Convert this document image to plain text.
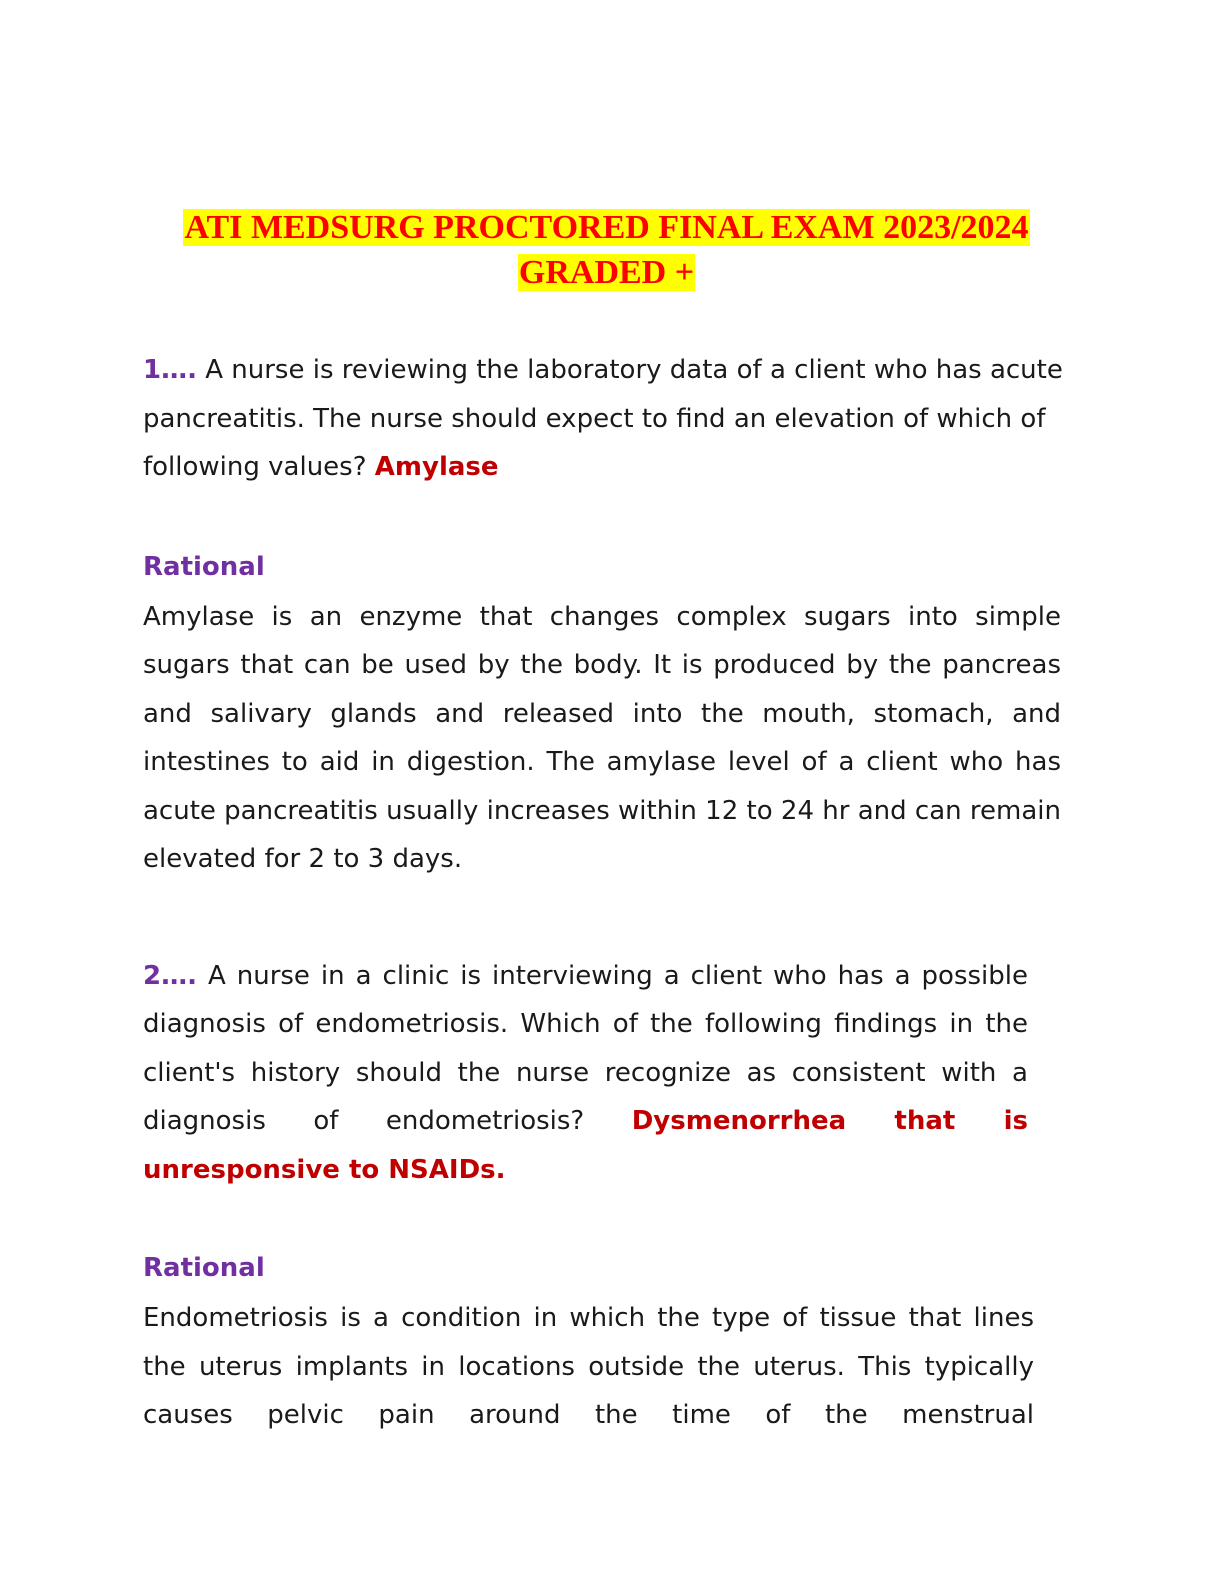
ATI MEDSURG PROCTORED FINAL EXAM 2023/2024
GRADED +

1…. A nurse is reviewing the laboratory data of a client who has acute pancreatitis. The nurse should expect to find an elevation of which of following values? Amylase

Rational
Amylase is an enzyme that changes complex sugars into simple sugars that can be used by the body. It is produced by the pancreas and salivary glands and released into the mouth, stomach, and intestines to aid in digestion. The amylase level of a client who has acute pancreatitis usually increases within 12 to 24 hr and can remain elevated for 2 to 3 days.

2…. A nurse in a clinic is interviewing a client who has a possible diagnosis of endometriosis. Which of the following findings in the client's history should the nurse recognize as consistent with a diagnosis of endometriosis? Dysmenorrhea that is unresponsive to NSAIDs.

Rational
Endometriosis is a condition in which the type of tissue that lines the uterus implants in locations outside the uterus. This typically causes pelvic pain around the time of the menstrual
